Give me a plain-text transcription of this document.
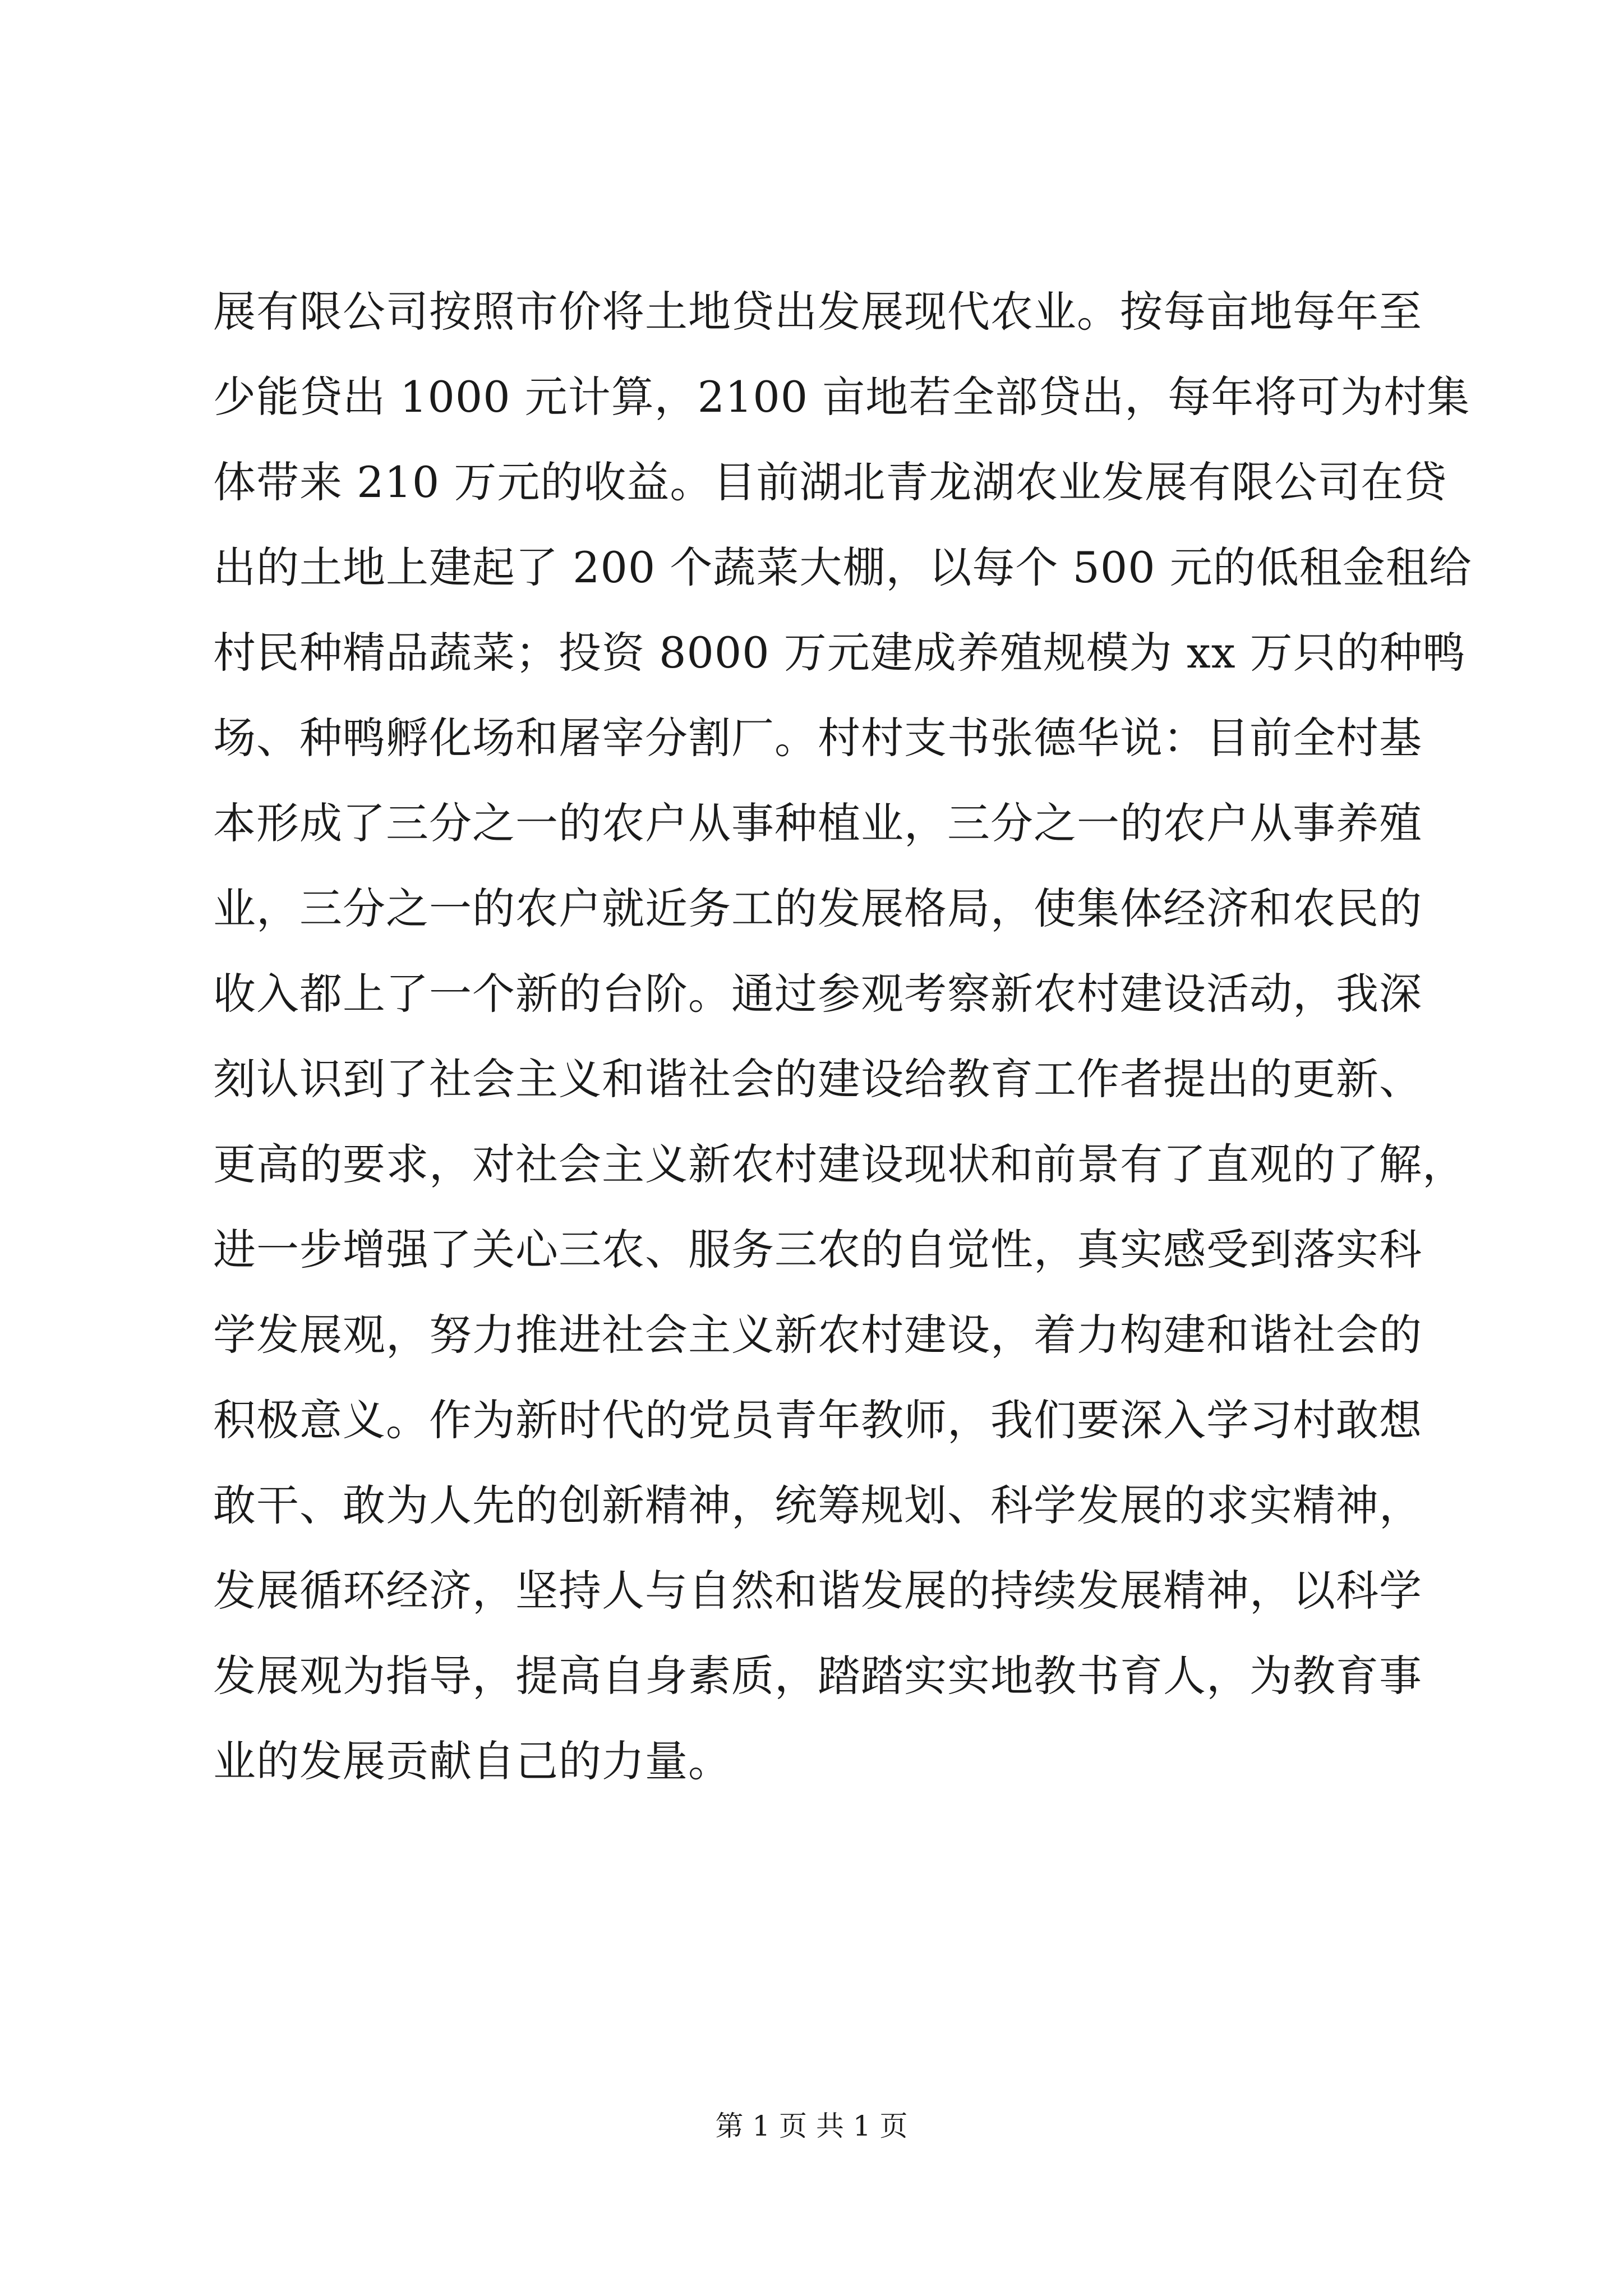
展有限公司按照市价将土地贷出发展现代农业。按每亩地每年至
少能贷出 1000 元计算，2100 亩地若全部贷出，每年将可为村集
体带来 210 万元的收益。目前湖北青龙湖农业发展有限公司在贷
出的土地上建起了 200 个蔬菜大棚，以每个 500 元的低租金租给
村民种精品蔬菜；投资 8000 万元建成养殖规模为 xx 万只的种鸭
场、种鸭孵化场和屠宰分割厂。村村支书张德华说：目前全村基
本形成了三分之一的农户从事种植业，三分之一的农户从事养殖
业，三分之一的农户就近务工的发展格局，使集体经济和农民的
收入都上了一个新的台阶。通过参观考察新农村建设活动，我深
刻认识到了社会主义和谐社会的建设给教育工作者提出的更新、
更高的要求，对社会主义新农村建设现状和前景有了直观的了解，
进一步增强了关心三农、服务三农的自觉性，真实感受到落实科
学发展观，努力推进社会主义新农村建设，着力构建和谐社会的
积极意义。作为新时代的党员青年教师，我们要深入学习村敢想
敢干、敢为人先的创新精神，统筹规划、科学发展的求实精神，
发展循环经济，坚持人与自然和谐发展的持续发展精神，以科学
发展观为指导，提高自身素质，踏踏实实地教书育人，为教育事
业的发展贡献自己的力量。
第 1 页 共 1 页
